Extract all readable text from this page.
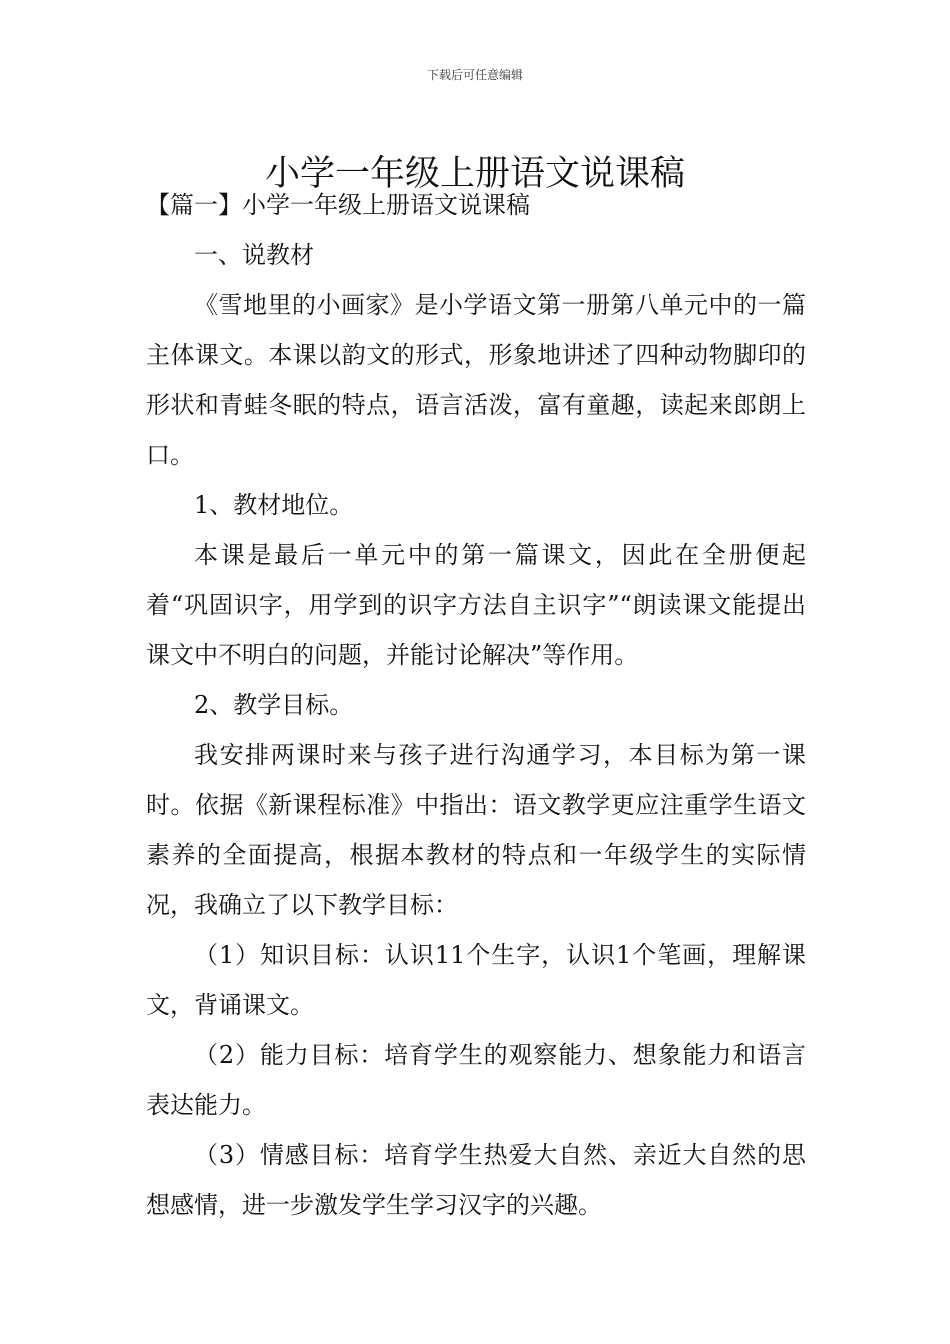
下载后可任意编辑
小学一年级上册语文说课稿

【篇一】小学一年级上册语文说课稿

一、说教材

《雪地里的小画家》是小学语文第一册第八单元中的一篇主体课文。本课以韵文的形式，形象地讲述了四种动物脚印的形状和青蛙冬眠的特点，语言活泼，富有童趣，读起来郎朗上口。

1、教材地位。

本课是最后一单元中的第一篇课文，因此在全册便起着“巩固识字，用学到的识字方法自主识字”“朗读课文能提出课文中不明白的问题，并能讨论解决”等作用。

2、教学目标。

我安排两课时来与孩子进行沟通学习，本目标为第一课时。依据《新课程标准》中指出：语文教学更应注重学生语文素养的全面提高，根据本教材的特点和一年级学生的实际情况，我确立了以下教学目标：

（1）知识目标：认识11个生字，认识1个笔画，理解课文，背诵课文。

（2）能力目标：培育学生的观察能力、想象能力和语言表达能力。

（3）情感目标：培育学生热爱大自然、亲近大自然的思想感情，进一步激发学生学习汉字的兴趣。
